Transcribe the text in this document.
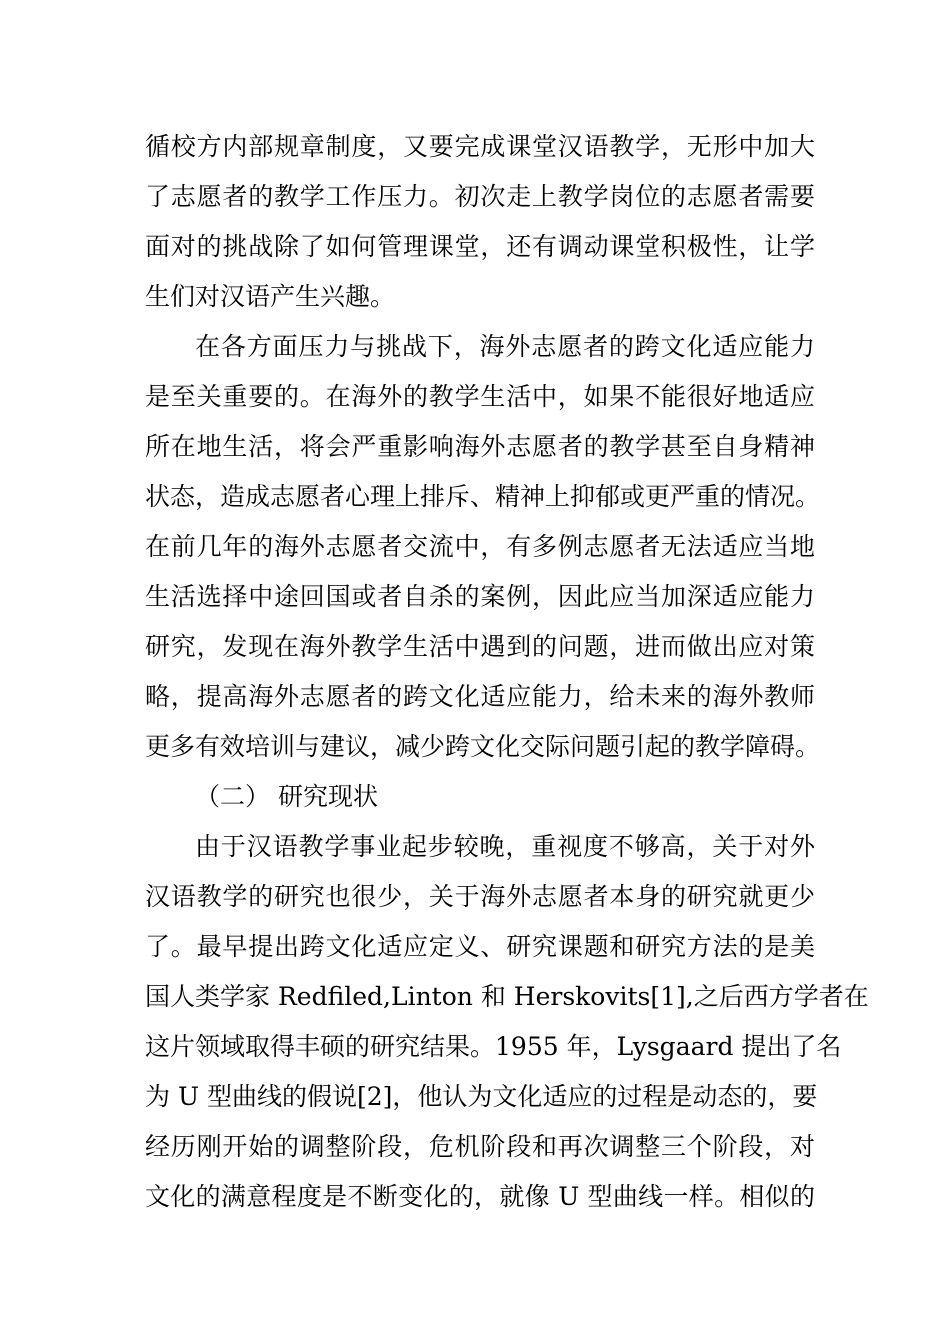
循校方内部规章制度，又要完成课堂汉语教学，无形中加大
了志愿者的教学工作压力。初次走上教学岗位的志愿者需要
面对的挑战除了如何管理课堂，还有调动课堂积极性，让学
生们对汉语产生兴趣。
在各方面压力与挑战下，海外志愿者的跨文化适应能力
是至关重要的。在海外的教学生活中，如果不能很好地适应
所在地生活，将会严重影响海外志愿者的教学甚至自身精神
状态，造成志愿者心理上排斥、精神上抑郁或更严重的情况。
在前几年的海外志愿者交流中，有多例志愿者无法适应当地
生活选择中途回国或者自杀的案例，因此应当加深适应能力
研究，发现在海外教学生活中遇到的问题，进而做出应对策
略，提高海外志愿者的跨文化适应能力，给未来的海外教师
更多有效培训与建议，减少跨文化交际问题引起的教学障碍。
（二） 研究现状
由于汉语教学事业起步较晚，重视度不够高，关于对外
汉语教学的研究也很少，关于海外志愿者本身的研究就更少
了。最早提出跨文化适应定义、研究课题和研究方法的是美
国人类学家 Redfiled,Linton 和 Herskovits[1],之后西方学者在
这片领域取得丰硕的研究结果。1955 年，Lysgaard 提出了名
为 U 型曲线的假说[2]，他认为文化适应的过程是动态的，要
经历刚开始的调整阶段，危机阶段和再次调整三个阶段，对
文化的满意程度是不断变化的，就像 U 型曲线一样。相似的
